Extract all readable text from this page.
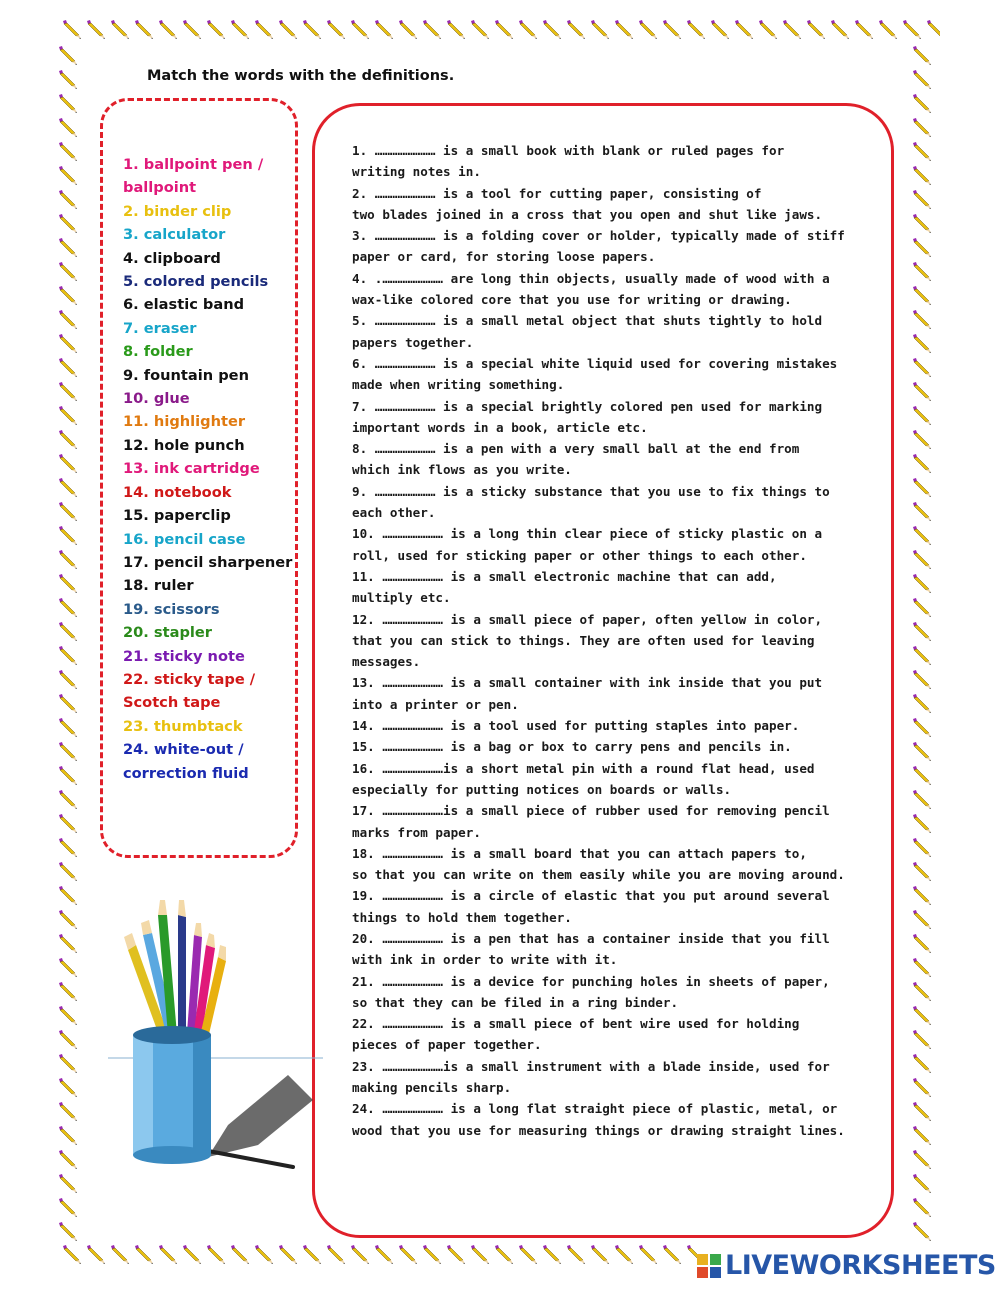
Match the words with the definitions.
1. ballpoint pen / ballpoint
2. binder clip
3. calculator
4. clipboard
5. colored pencils
6. elastic band
7. eraser
8. folder
9. fountain pen
10. glue
11. highlighter
12. hole punch
13. ink cartridge
14. notebook
15. paperclip
16. pencil case
17. pencil sharpener
18. ruler
19. scissors
20. stapler
21. sticky note
22. sticky tape / Scotch tape
23. thumbtack
24. white-out / correction fluid
1. …………………… is a small book with blank or ruled pages for
writing notes in.
2. …………………… is a tool for cutting paper, consisting of
two blades joined in a cross that you open and shut like jaws.
3. …………………… is a folding cover or holder, typically made of stiff
paper or card, for storing loose papers.
4. .…………………… are long thin objects, usually made of wood with a
wax-like colored core that you use for writing or drawing.
5. …………………… is a small metal object that shuts tightly to hold
papers together.
6. …………………… is a special white liquid used for covering mistakes
made when writing something.
7. …………………… is a special brightly colored pen used for marking
important words in a book, article etc.
8. …………………… is a pen with a very small ball at the end from
which ink flows as you write.
9. …………………… is a sticky substance that you use to fix things to
each other.
10. …………………… is a long thin clear piece of sticky plastic on a
roll, used for sticking paper or other things to each other.
11. …………………… is a small electronic machine that can add,
multiply etc.
12. …………………… is a small piece of paper, often yellow in color,
that you can stick to things. They are often used for leaving
messages.
13. …………………… is a small container with ink inside that you put
into a printer or pen.
14. …………………… is a tool used for putting staples into paper.
15. …………………… is a bag or box to carry pens and pencils in.
16. ……………………is a short metal pin with a round flat head, used
especially for putting notices on boards or walls.
17. ……………………is a small piece of rubber used for removing pencil
marks from paper.
18. …………………… is a small board that you can attach papers to,
so that you can write on them easily while you are moving around.
19. …………………… is a circle of elastic that you put around several
things to hold them together.
20. …………………… is a pen that has a container inside that you fill
with ink in order to write with it.
21. …………………… is a device for punching holes in sheets of paper,
so that they can be filed in a ring binder.
22. …………………… is a small piece of bent wire used for holding
pieces of paper together.
23. ……………………is a small instrument with a blade inside, used for
making pencils sharp.
24. …………………… is a long flat straight piece of plastic, metal, or
wood that you use for measuring things or drawing straight lines.
LIVEWORKSHEETS
